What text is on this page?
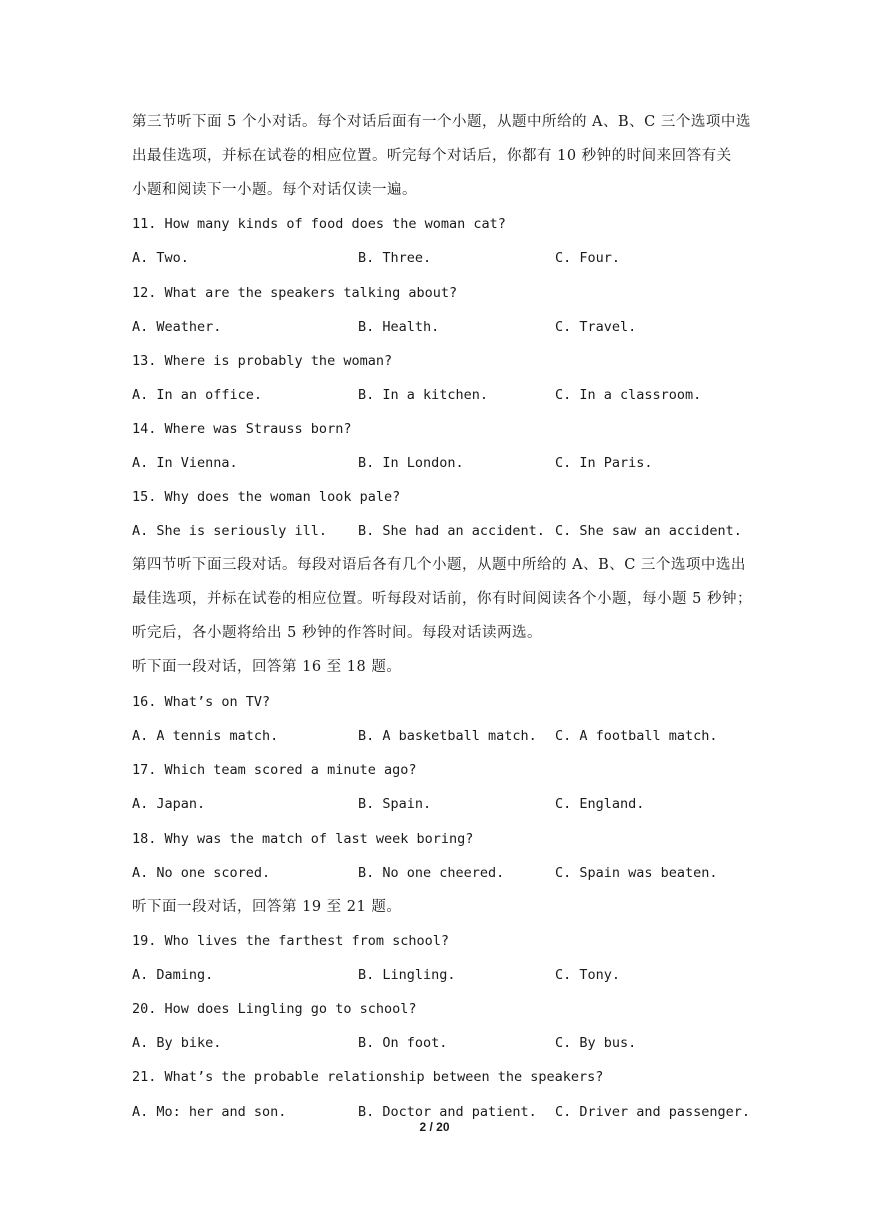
第三节听下面 5 个小对话。每个对话后面有一个小题，从题中所给的 A、B、C 三个选项中选
出最佳选项，并标在试卷的相应位置。听完每个对话后，你都有 10 秒钟的时间来回答有关
小题和阅读下一小题。每个对话仅读一遍。
11. How many kinds of food does the woman cat?
A. Two.	B. Three.	C. Four.
12. What are the speakers talking about?
A. Weather.	B. Health.	C. Travel.
13. Where is probably the woman?
A. In an office.	B. In a kitchen.	C. In a classroom.
14. Where was Strauss born?
A. In Vienna.	B. In London.	C. In Paris.
15. Why does the woman look pale?
A. She is seriously ill. B. She had an accident. C. She saw an accident.
第四节听下面三段对话。每段对语后各有几个小题，从题中所给的 A、B、C 三个选项中选出
最佳选项，并标在试卷的相应位置。听每段对话前，你有时间阅读各个小题，每小题 5 秒钟；
听完后，各小题将给出 5 秒钟的作答时间。每段对话读两选。
听下面一段对话，回答第 16 至 18 题。
16. What’s on TV?
A. A tennis match.	B. A basketball match. C. A football match.
17. Which team scored a minute ago?
A. Japan.	B. Spain.	C. England.
18. Why was the match of last week boring?
A. No one scored.	B. No one cheered.	C. Spain was beaten.
听下面一段对话，回答第 19 至 21 题。
19. Who lives the farthest from school?
A. Daming.	B. Lingling.	C. Tony.
20. How does Lingling go to school?
A. By bike.	B. On foot.	C. By bus.
21. What’s the probable relationship between the speakers?
A. Mo: her and son.	B. Doctor and patient. C. Driver and passenger.
2 / 20
